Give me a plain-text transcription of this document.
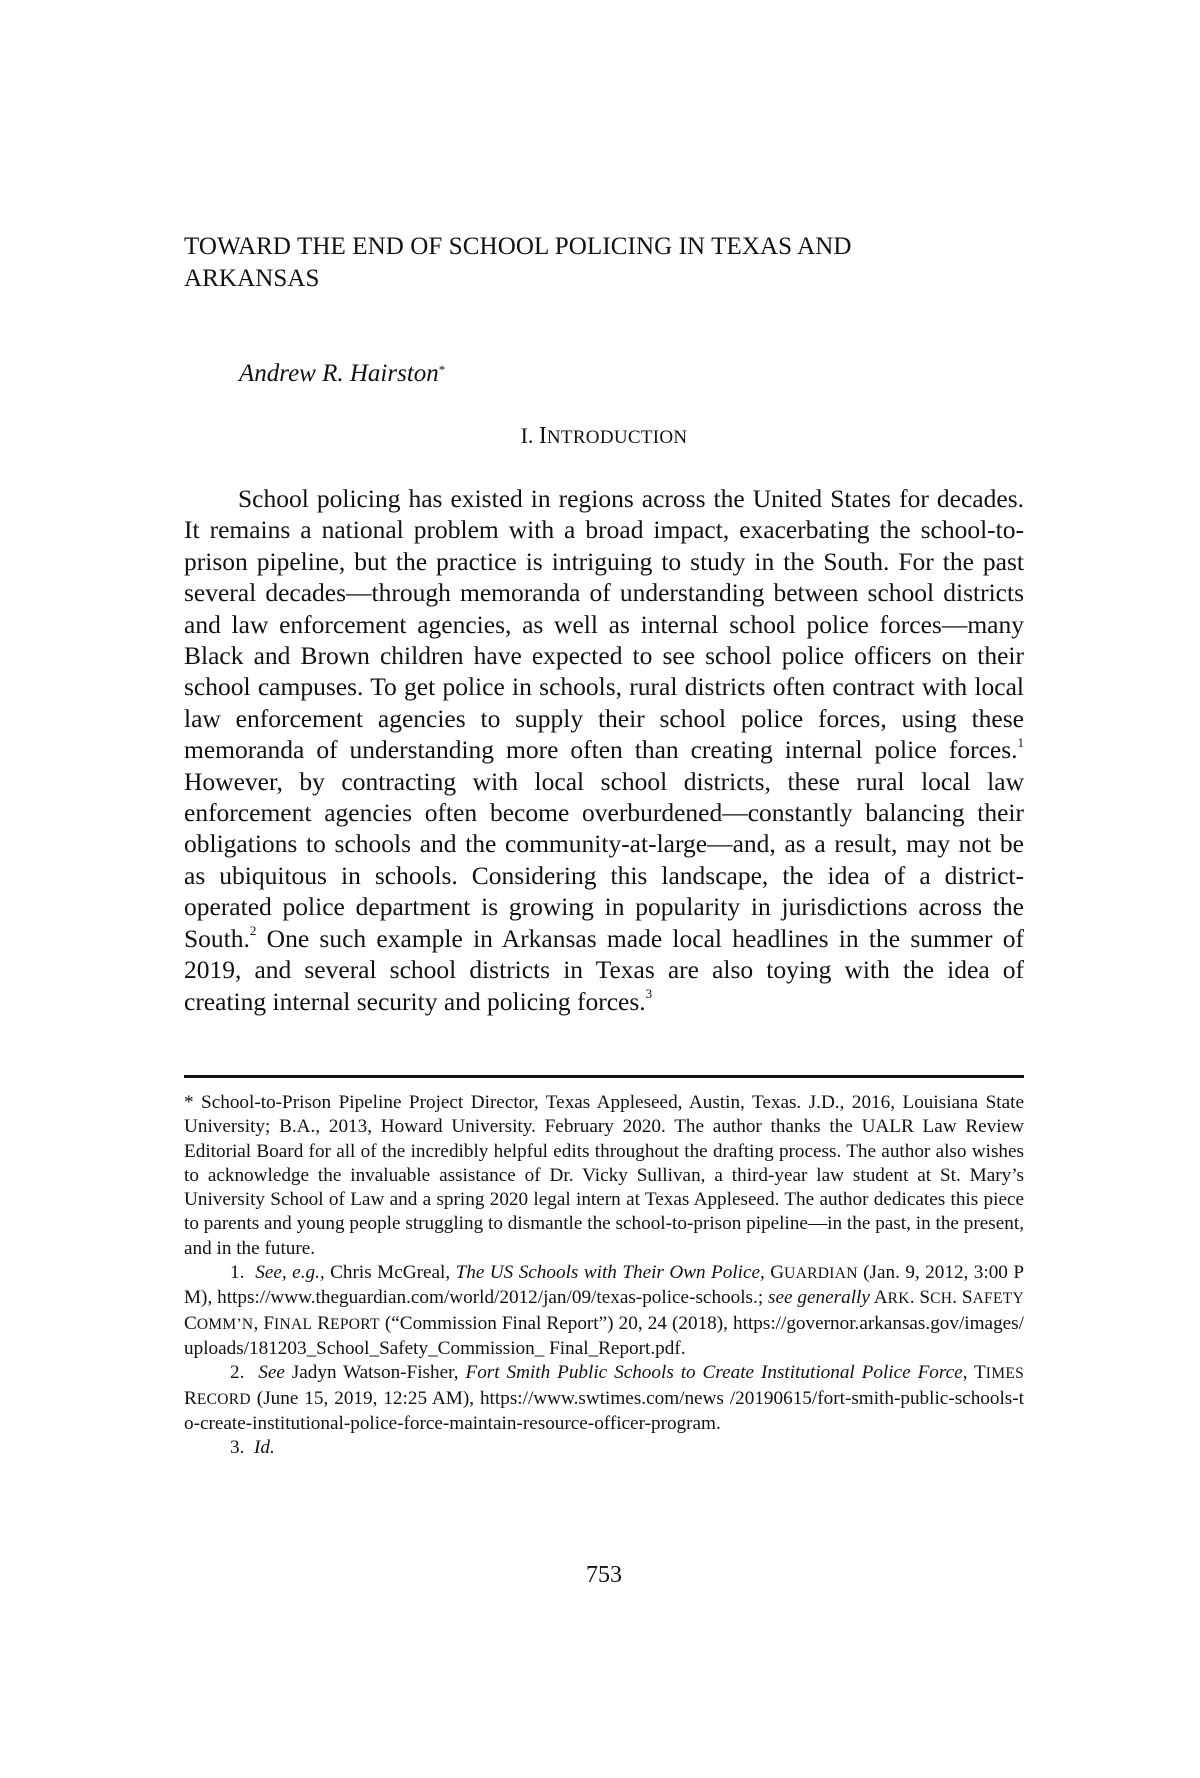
TOWARD THE END OF SCHOOL POLICING IN TEXAS AND ARKANSAS
Andrew R. Hairston*
I. INTRODUCTION

School policing has existed in regions across the United States for decades. It remains a national problem with a broad impact, exacerbating the school-to-prison pipeline, but the practice is intriguing to study in the South. For the past several decades—through memoranda of understanding between school districts and law enforcement agencies, as well as internal school police forces—many Black and Brown children have expected to see school police officers on their school campuses. To get police in schools, rural districts often contract with local law enforcement agencies to supply their school police forces, using these memoranda of understanding more often than creating internal police forces.$^1$ However, by contracting with local school districts, these rural local law enforcement agencies often become overburdened—constantly balancing their obligations to schools and the community-at-large—and, as a result, may not be as ubiquitous in schools. Considering this landscape, the idea of a district-operated police department is growing in popularity in jurisdictions across the South.$^2$ One such example in Arkansas made local headlines in the summer of 2019, and several school districts in Texas are also toying with the idea of creating internal security and policing forces.$^3$

* School-to-Prison Pipeline Project Director, Texas Appleseed, Austin, Texas. J.D., 2016, Louisiana State University; B.A., 2013, Howard University. February 2020. The author thanks the UALR Law Review Editorial Board for all of the incredibly helpful edits throughout the drafting process. The author also wishes to acknowledge the invaluable assistance of Dr. Vicky Sullivan, a third-year law student at St. Mary’s University School of Law and a spring 2020 legal intern at Texas Appleseed. The author dedicates this piece to parents and young people struggling to dismantle the school-to-prison pipeline—in the past, in the present, and in the future.

1. See, e.g., Chris McGreal, The US Schools with Their Own Police, GUARDIAN (Jan. 9, 2012, 3:00 PM), https://www.theguardian.com/world/2012/jan/09/texas-police-schools.; see generally ARK. SCH. SAFETY COMM’N, FINAL REPORT (“Commission Final Report”) 20, 24 (2018), https://governor.arkansas.gov/images/uploads/181203_School_Safety_Commission_ Final_Report.pdf.

2. See Jadyn Watson-Fisher, Fort Smith Public Schools to Create Institutional Police Force, TIMES RECORD (June 15, 2019, 12:25 AM), https://www.swtimes.com/news /20190615/fort-smith-public-schools-to-create-institutional-police-force-maintain-resource-officer-program.

3. Id.

753
